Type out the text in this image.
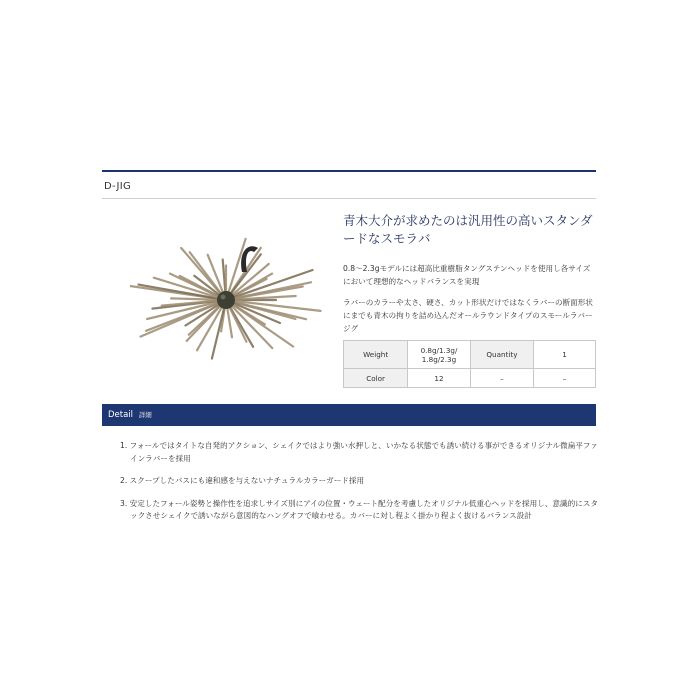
D-JIG
青木大介が求めたのは汎用性の高いスタンダードなスモラバ
0.8〜2.3gモデルには超高比重樹脂タングステンヘッドを使用し各サイズにおいて理想的なヘッドバランスを実現
ラバーのカラーや太さ、硬さ、カット形状だけではなくラバーの断面形状にまでも青木の拘りを詰め込んだオールラウンドタイプのスモールラバージグ
Weight	0.8g/1.3g/
1.8g/2.3g	Quantity	1
Color	12	–	–
Detail 詳細
1. フォールではタイトな自発的アクション、シェイクではより強い水押しと、いかなる状態でも誘い続ける事ができるオリジナル微扁平ファインラバーを採用
2. スクープしたバスにも違和感を与えないナチュラルカラーガード採用
3. 安定したフォール姿勢と操作性を追求しサイズ別にアイの位置・ウェート配分を考慮したオリジナル低重心ヘッドを採用し、意識的にスタックさせシェイクで誘いながら意図的なハングオフで喰わせる。カバーに対し程よく掛かり程よく抜けるバランス設計
